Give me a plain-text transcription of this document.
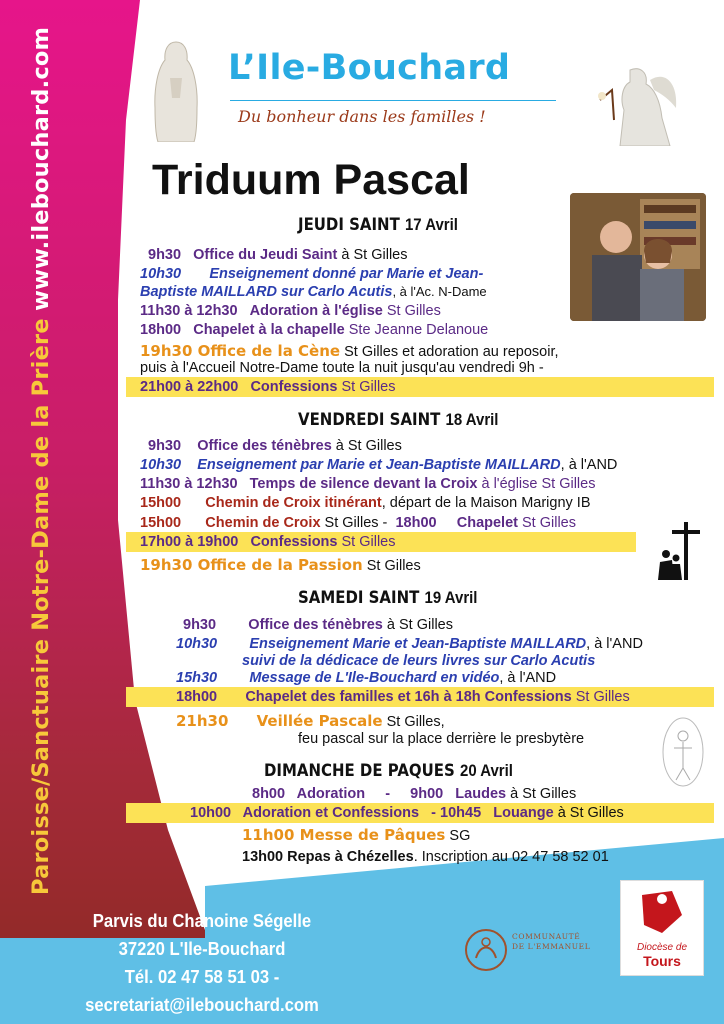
Paroisse/Sanctuaire Notre-Dame de la Prière www.ilebouchard.com	L’Ile-Bouchard
Du bonheur dans les familles !
Triduum Pascal
JEUDI SAINT 17 Avril
9h30 Office du Jeudi Saint à St Gilles
10h30 Enseignement donné par Marie et Jean-
Baptiste MAILLARD sur Carlo Acutis, à l'Ac. N-Dame
11h30 à 12h30 Adoration à l'église St Gilles
18h00 Chapelet à la chapelle Ste Jeanne Delanoue
19h30 Office de la Cène St Gilles et adoration au reposoir,
puis à l'Accueil Notre-Dame toute la nuit jusqu'au vendredi 9h -
21h00 à 22h00 Confessions St Gilles
VENDREDI SAINT 18 Avril
9h30 Office des ténèbres à St Gilles
10h30 Enseignement par Marie et Jean-Baptiste MAILLARD, à l'AND
11h30 à 12h30 Temps de silence devant la Croix à l'église St Gilles
15h00 Chemin de Croix itinérant, départ de la Maison Marigny IB
15h00 Chemin de Croix St Gilles - 18h00 Chapelet St Gilles
17h00 à 19h00 Confessions St Gilles
19h30 Office de la Passion St Gilles
SAMEDI SAINT 19 Avril
9h30 Office des ténèbres à St Gilles
10h30 Enseignement Marie et Jean-Baptiste MAILLARD, à l'AND
suivi de la dédicace de leurs livres sur Carlo Acutis
15h30 Message de L'Ile-Bouchard en vidéo, à l'AND
18h00 Chapelet des familles et 16h à 18h Confessions St Gilles
21h30 Veillée Pascale St Gilles,
feu pascal sur la place derrière le presbytère
DIMANCHE DE PAQUES 20 Avril
8h00   Adoration     -     9h00   Laudes à St Gilles
10h00   Adoration et Confessions   - 10h45   Louange à St Gilles
11h00 Messe de Pâques SG
13h00 Repas à Chézelles. Inscription au 02 47 58 52 01
Parvis du Chanoine Ségelle
37220 L'Ile-Bouchard
Tél. 02 47 58 51 03 - secretariat@ilebouchard.com
COMMUNAUTÉ
DE L'EMMANUEL	Diocèse de
Tours
